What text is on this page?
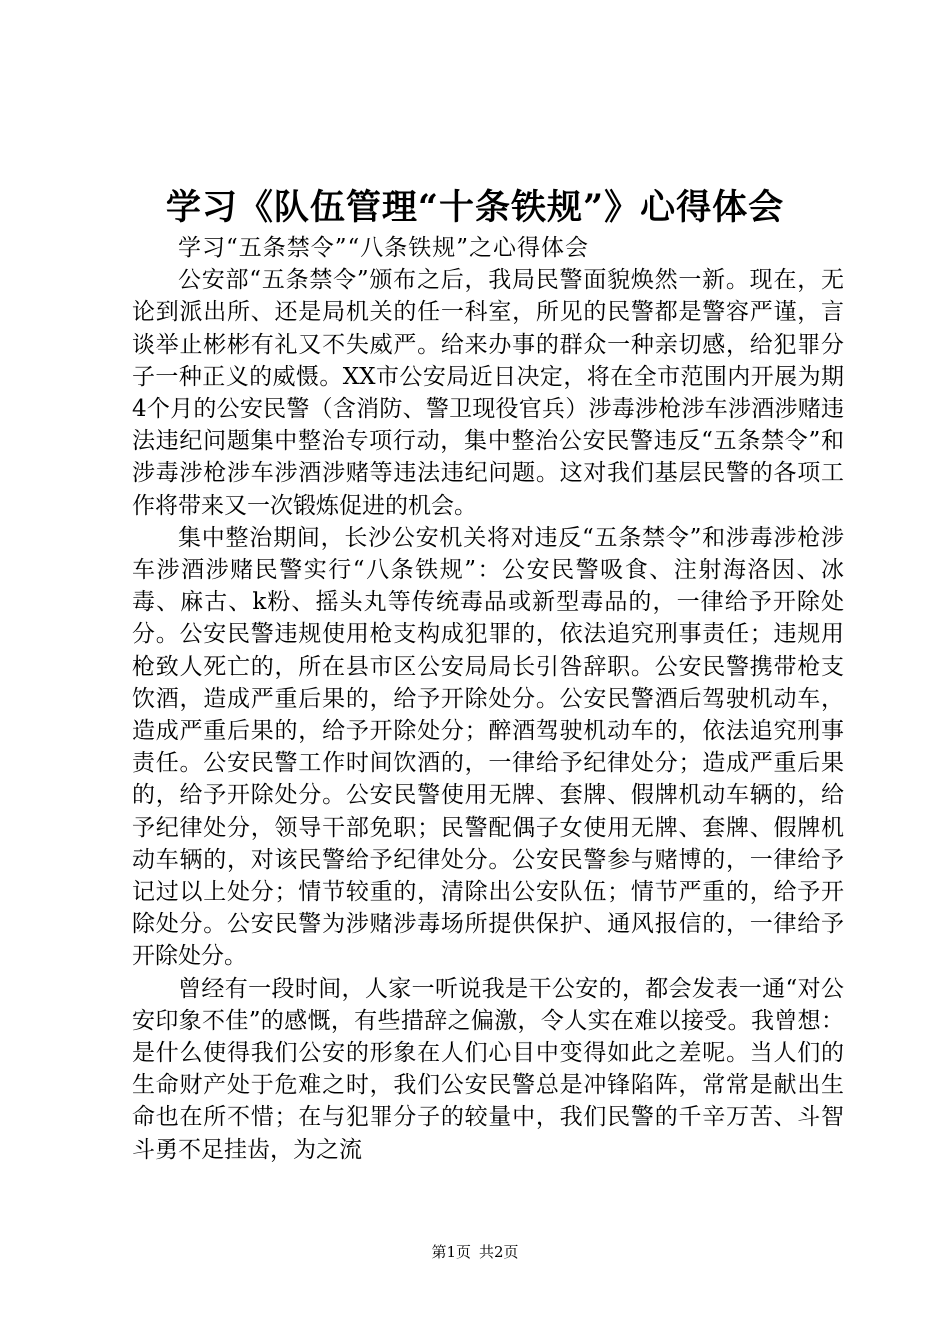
学习《队伍管理“十条铁规”》心得体会

学习“五条禁令”“八条铁规”之心得体会

公安部“五条禁令”颁布之后，我局民警面貌焕然一新。现在，无论到派出所、还是局机关的任一科室，所见的民警都是警容严谨，言谈举止彬彬有礼又不失威严。给来办事的群众一种亲切感，给犯罪分子一种正义的威慑。XX市公安局近日决定，将在全市范围内开展为期4个月的公安民警（含消防、警卫现役官兵）涉毒涉枪涉车涉酒涉赌违法违纪问题集中整治专项行动，集中整治公安民警违反“五条禁令”和涉毒涉枪涉车涉酒涉赌等违法违纪问题。这对我们基层民警的各项工作将带来又一次锻炼促进的机会。

集中整治期间，长沙公安机关将对违反“五条禁令”和涉毒涉枪涉车涉酒涉赌民警实行“八条铁规”：公安民警吸食、注射海洛因、冰毒、麻古、k粉、摇头丸等传统毒品或新型毒品的，一律给予开除处分。公安民警违规使用枪支构成犯罪的，依法追究刑事责任；违规用枪致人死亡的，所在县市区公安局局长引咎辞职。公安民警携带枪支饮酒，造成严重后果的，给予开除处分。公安民警酒后驾驶机动车，造成严重后果的，给予开除处分；醉酒驾驶机动车的，依法追究刑事责任。公安民警工作时间饮酒的，一律给予纪律处分；造成严重后果的，给予开除处分。公安民警使用无牌、套牌、假牌机动车辆的，给予纪律处分，领导干部免职；民警配偶子女使用无牌、套牌、假牌机动车辆的，对该民警给予纪律处分。公安民警参与赌博的，一律给予记过以上处分；情节较重的，清除出公安队伍；情节严重的，给予开除处分。公安民警为涉赌涉毒场所提供保护、通风报信的，一律给予开除处分。

曾经有一段时间，人家一听说我是干公安的，都会发表一通“对公安印象不佳”的感慨，有些措辞之偏激，令人实在难以接受。我曾想：是什么使得我们公安的形象在人们心目中变得如此之差呢。当人们的生命财产处于危难之时，我们公安民警总是冲锋陷阵，常常是献出生命也在所不惜；在与犯罪分子的较量中，我们民警的千辛万苦、斗智斗勇不足挂齿，为之流

第1页 共2页
